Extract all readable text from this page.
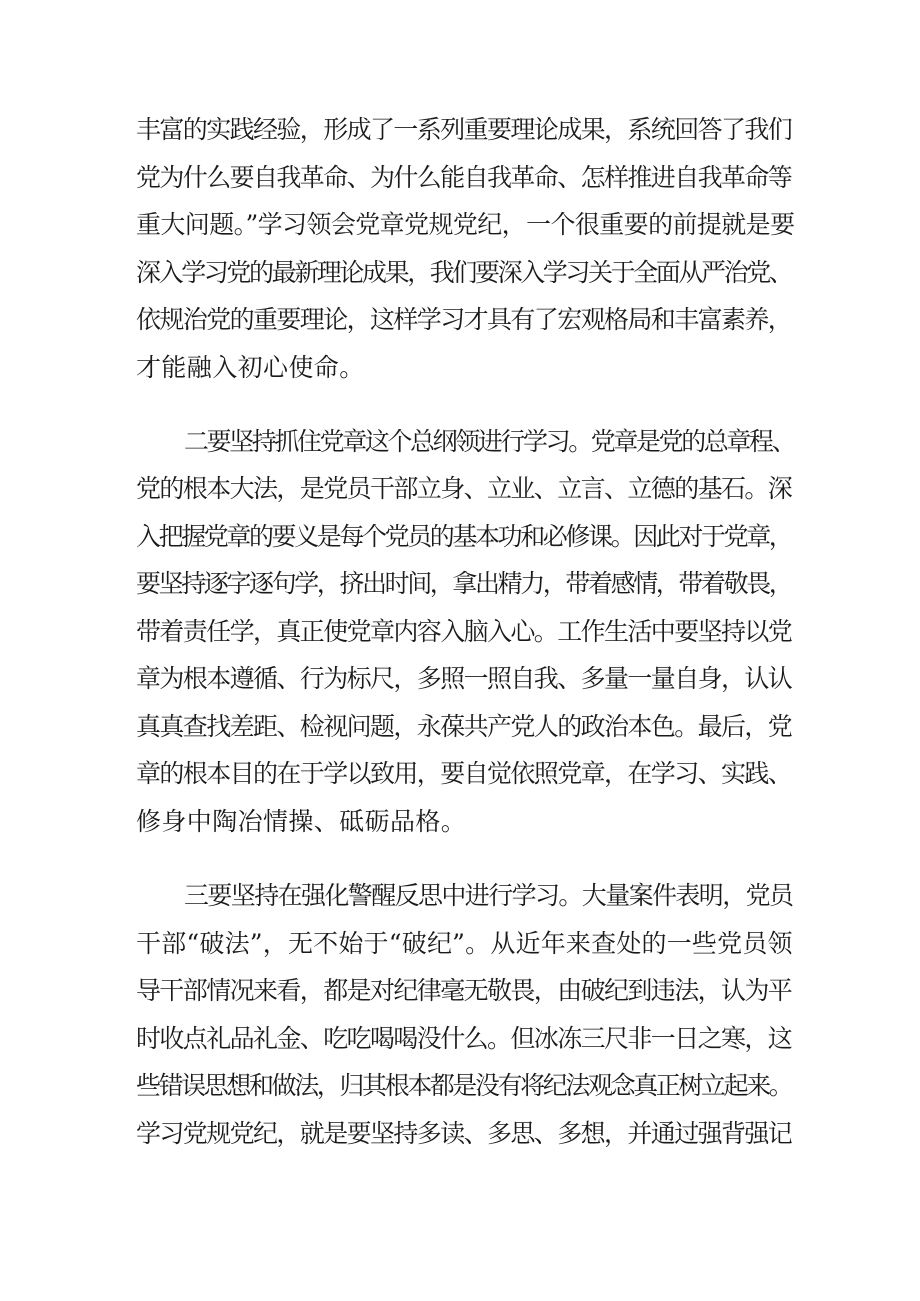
丰富的实践经验，形成了一系列重要理论成果，系统回答了我们

党为什么要自我革命、为什么能自我革命、怎样推进自我革命等

重大问题。”学习领会党章党规党纪，一个很重要的前提就是要

深入学习党的最新理论成果，我们要深入学习关于全面从严治党、

依规治党的重要理论，这样学习才具有了宏观格局和丰富素养，

才能融入初心使命。

二要坚持抓住党章这个总纲领进行学习。党章是党的总章程、

党的根本大法，是党员干部立身、立业、立言、立德的基石。深

入把握党章的要义是每个党员的基本功和必修课。因此对于党章，

要坚持逐字逐句学，挤出时间，拿出精力，带着感情，带着敬畏，

带着责任学，真正使党章内容入脑入心。工作生活中要坚持以党

章为根本遵循、行为标尺，多照一照自我、多量一量自身，认认

真真查找差距、检视问题，永葆共产党人的政治本色。最后，党

章的根本目的在于学以致用，要自觉依照党章，在学习、实践、

修身中陶冶情操、砥砺品格。

三要坚持在强化警醒反思中进行学习。大量案件表明，党员

干部“破法”，无不始于“破纪”。从近年来查处的一些党员领

导干部情况来看，都是对纪律毫无敬畏，由破纪到违法，认为平

时收点礼品礼金、吃吃喝喝没什么。但冰冻三尺非一日之寒，这

些错误思想和做法，归其根本都是没有将纪法观念真正树立起来。

学习党规党纪，就是要坚持多读、多思、多想，并通过强背强记
